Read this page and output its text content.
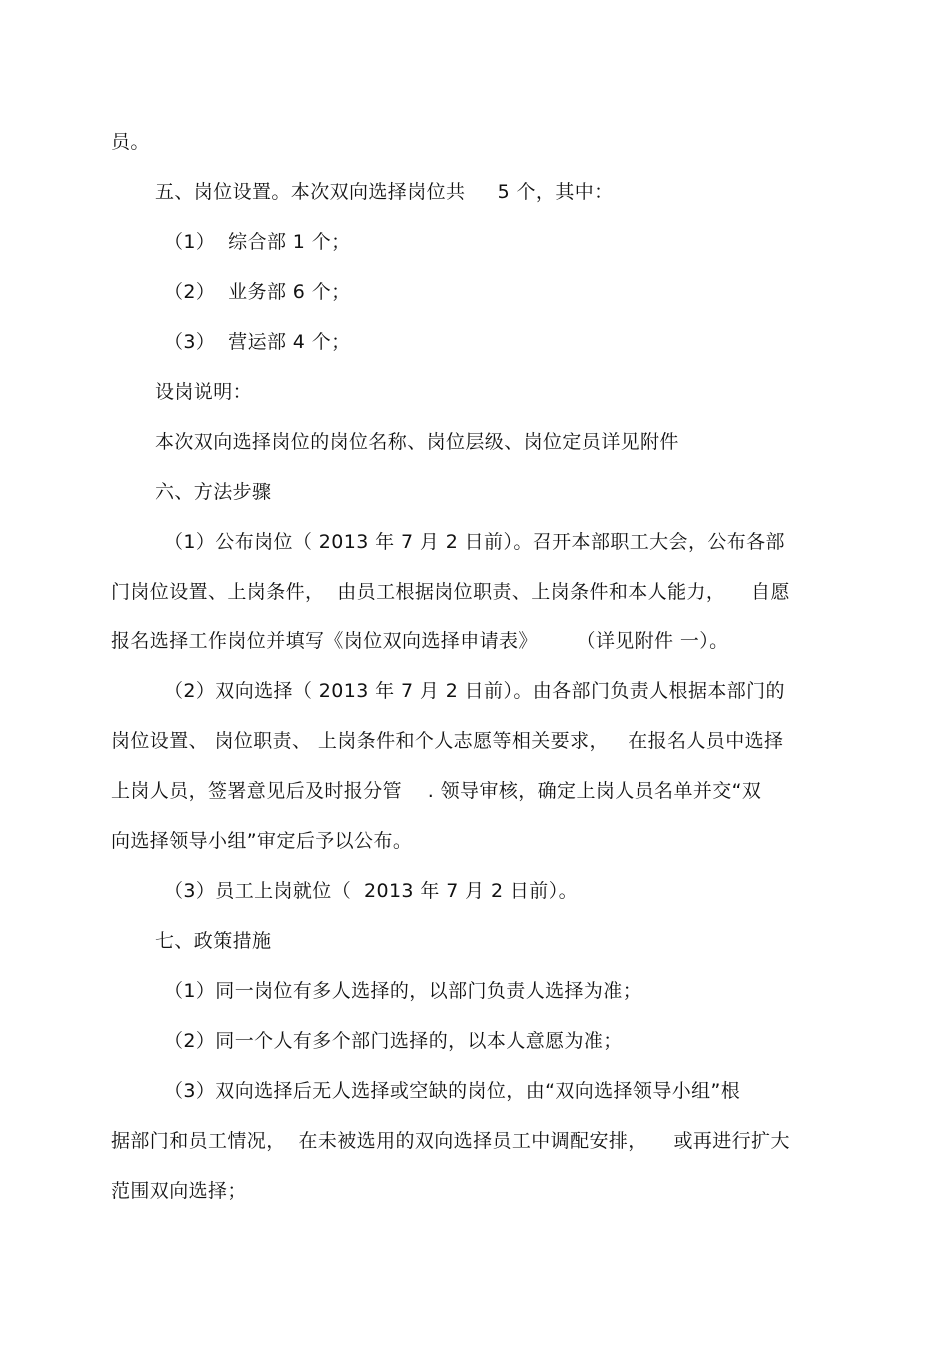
员。
五、岗位设置。本次双向选择岗位共     5 个，其中：
（1）  综合部 1 个；
（2）  业务部 6 个；
（3）  营运部 4 个；
设岗说明：
本次双向选择岗位的岗位名称、岗位层级、岗位定员详见附件
六、方法步骤
（1）公布岗位（ 2013 年 7 月 2 日前）。召开本部职工大会，公布各部
门岗位设置、上岗条件，  由员工根据岗位职责、上岗条件和本人能力，    自愿
报名选择工作岗位并填写《岗位双向选择申请表》      （详见附件 一）。
（2）双向选择（ 2013 年 7 月 2 日前）。由各部门负责人根据本部门的
岗位设置、 岗位职责、 上岗条件和个人志愿等相关要求，   在报名人员中选择
上岗人员，签署意见后及时报分管    . 领导审核，确定上岗人员名单并交“双
向选择领导小组”审定后予以公布。
（3）员工上岗就位（  2013 年 7 月 2 日前）。
七、政策措施
（1）同一岗位有多人选择的，以部门负责人选择为准；
（2）同一个人有多个部门选择的，以本人意愿为准；
（3）双向选择后无人选择或空缺的岗位，由“双向选择领导小组”根
据部门和员工情况，  在未被选用的双向选择员工中调配安排，    或再进行扩大
范围双向选择；
